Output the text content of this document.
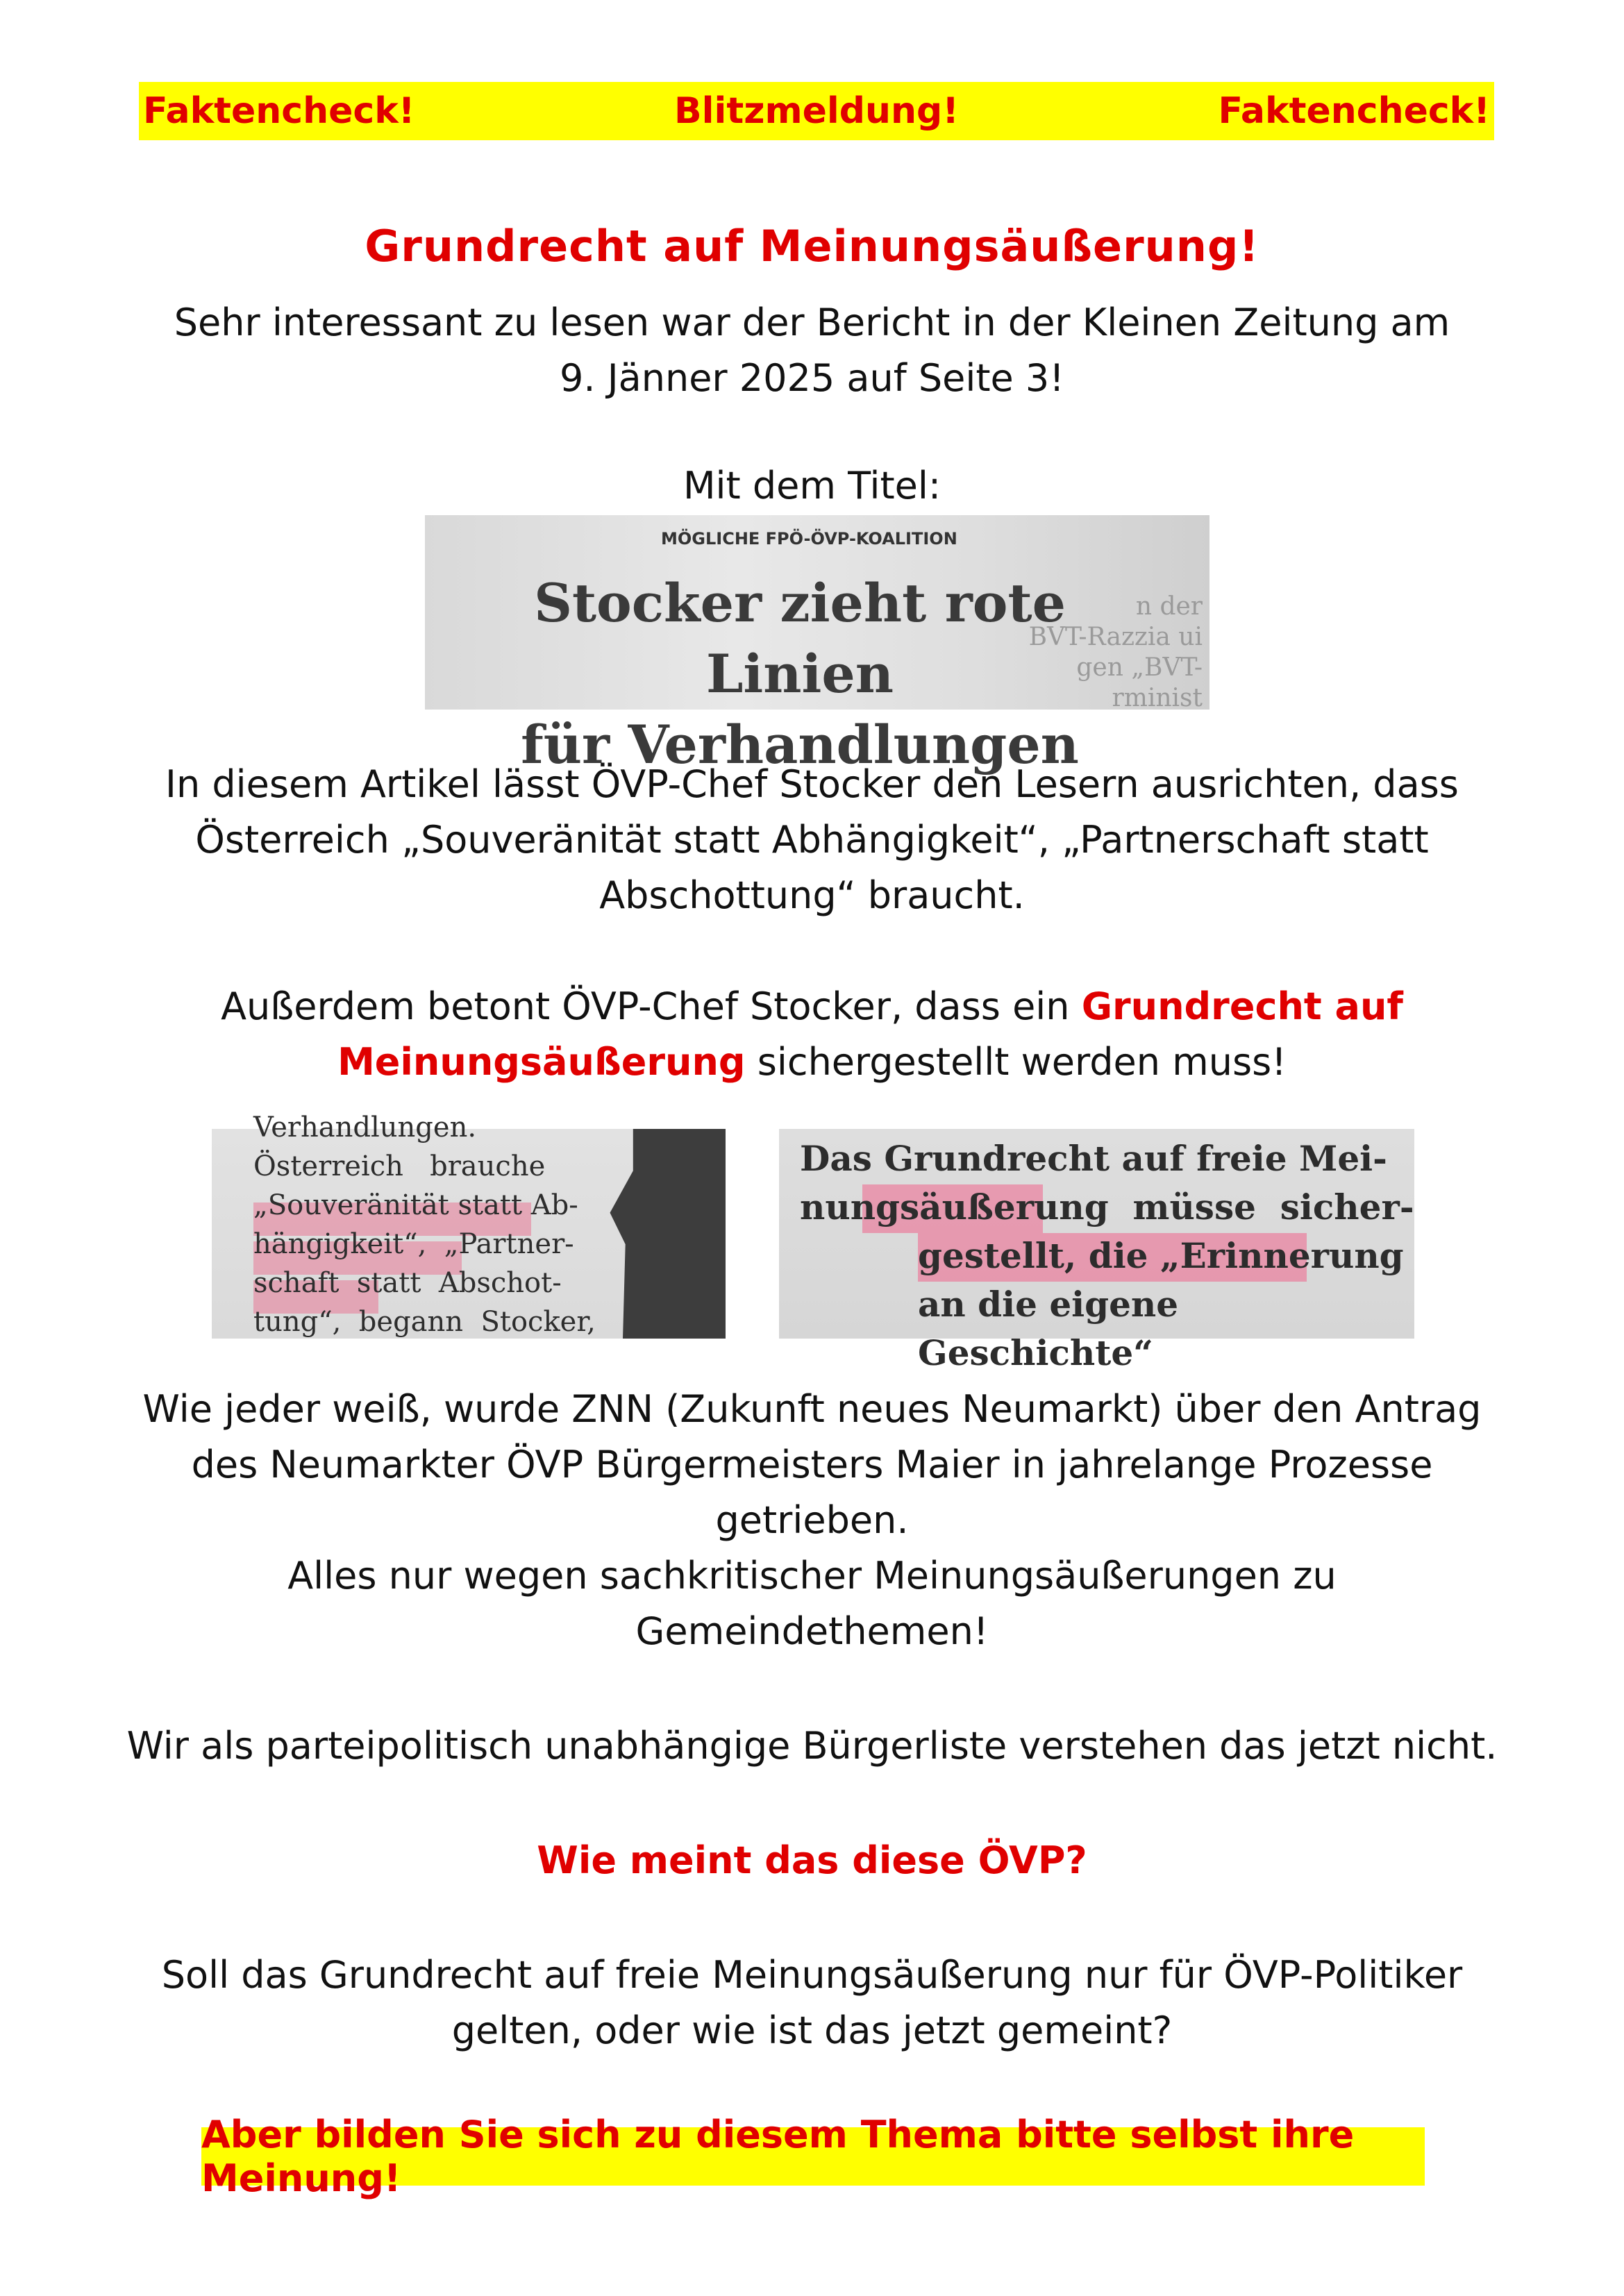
Faktencheck!	Blitzmeldung!	Faktencheck!
Grundrecht auf Meinungsäußerung!

Sehr interessant zu lesen war der Bericht in der Kleinen Zeitung am

9. Jänner 2025 auf Seite 3!

Mit dem Titel:

MÖGLICHE FPÖ-ÖVP-KOALITION
Stocker zieht rote Linien
für Verhandlungen
n der
BVT-Razzia ui
gen „BVT-
rminist

In diesem Artikel lässt ÖVP-Chef Stocker den Lesern ausrichten, dass

Österreich „Souveränität statt Abhängigkeit“, „Partnerschaft statt

Abschottung“ braucht.

Außerdem betont ÖVP-Chef Stocker, dass ein Grundrecht auf

Meinungsäußerung sichergestellt werden muss!

Verhandlungen.
Österreich   brauche
„Souveränität statt Ab-
hängigkeit“,  „Partner-
schaft  statt  Abschot-
tung“,  begann  Stocker,
Das Grundrecht auf freie Mei-
nungsäußerung  müsse  sicher-
gestellt, die „Erinnerung
an die eigene Geschichte“

Wie jeder weiß, wurde ZNN (Zukunft neues Neumarkt) über den Antrag

des Neumarkter ÖVP Bürgermeisters Maier in jahrelange Prozesse

getrieben.

Alles nur wegen sachkritischer Meinungsäußerungen zu

Gemeindethemen!

Wir als parteipolitisch unabhängige Bürgerliste verstehen das jetzt nicht.

Wie meint das diese ÖVP?

Soll das Grundrecht auf freie Meinungsäußerung nur für ÖVP-Politiker

gelten, oder wie ist das jetzt gemeint?

Aber bilden Sie sich zu diesem Thema bitte selbst ihre Meinung!
